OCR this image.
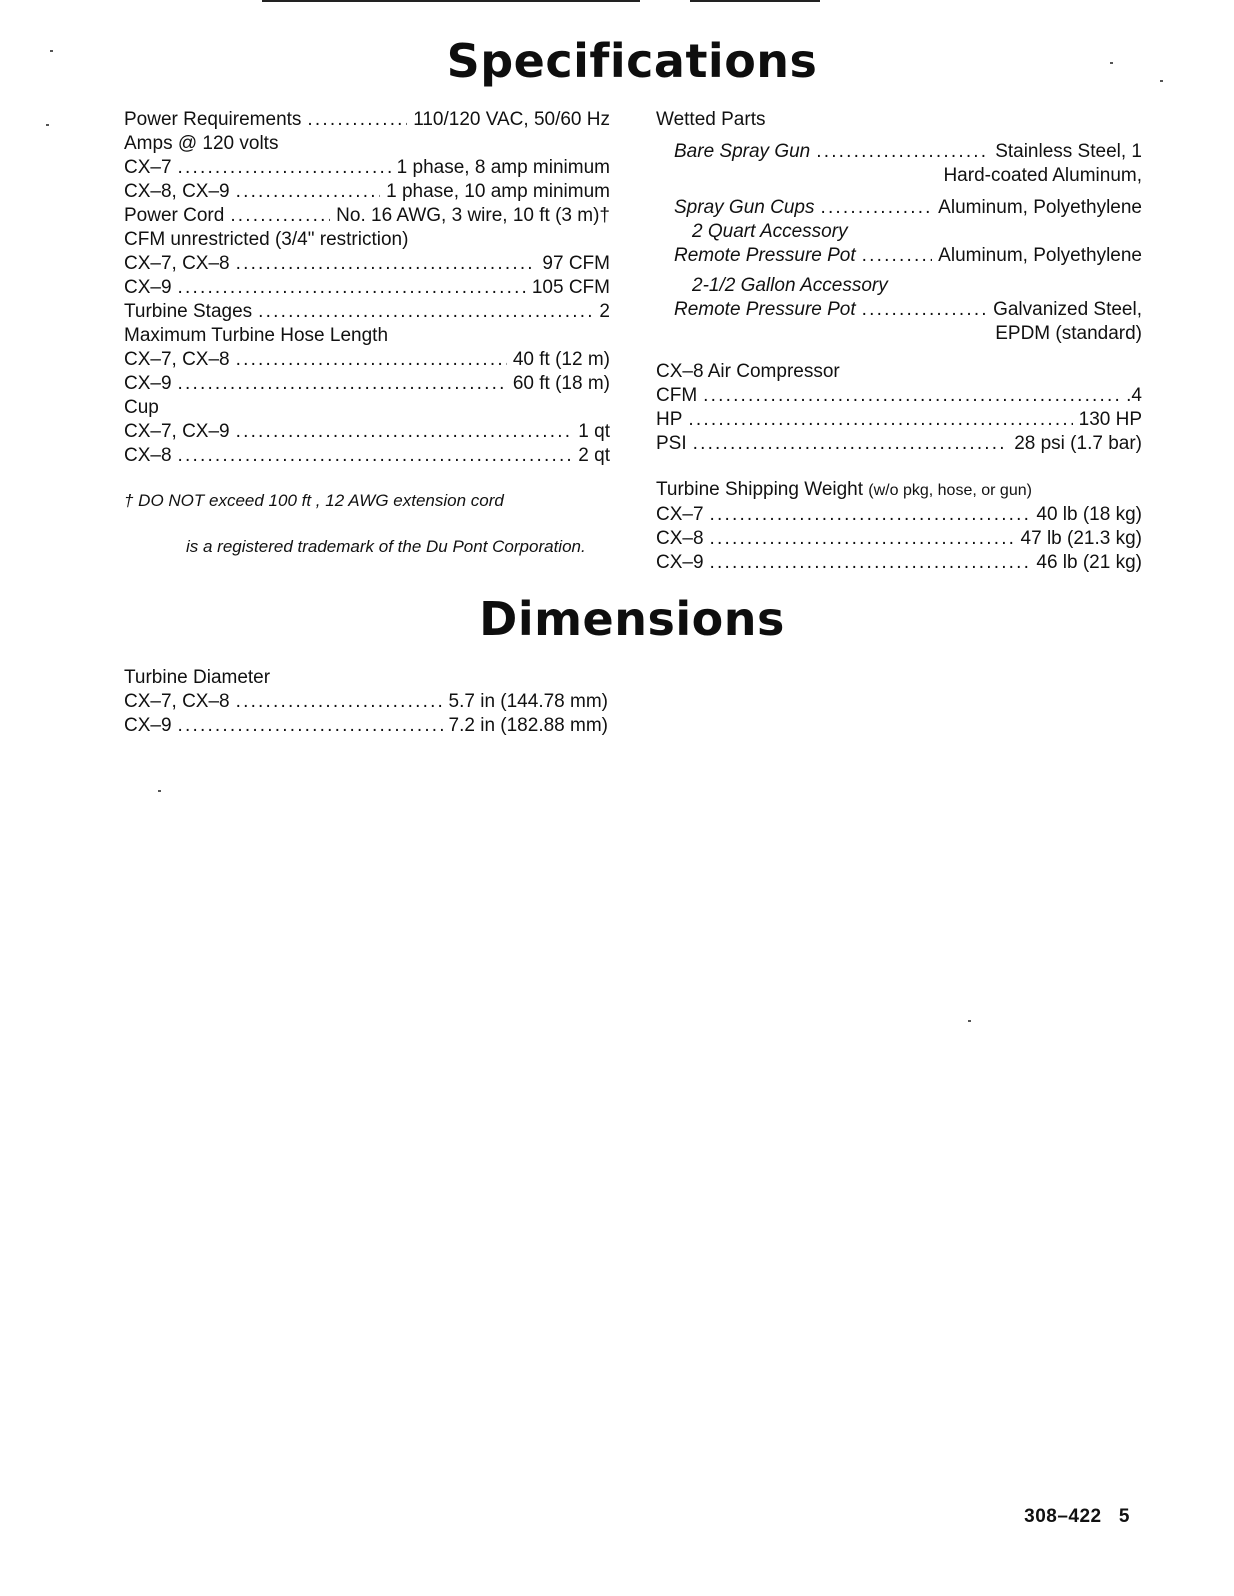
Specifications
Power Requirements .....	110/120 VAC, 50/60 Hz
Amps @ 120 volts
CX–7 .....	1 phase, 8 amp minimum
CX–8, CX–9 .....	1 phase, 10 amp minimum
Power Cord .....	No. 16 AWG, 3 wire, 10 ft (3 m)†
CFM unrestricted (3/4" restriction)
CX–7, CX–8 .....	97 CFM
CX–9 .....	105 CFM
Turbine Stages .....	2
Maximum Turbine Hose Length
CX–7, CX–8 .....	40 ft (12 m)
CX–9 .....	60 ft (18 m)
Cup
CX–7, CX–9 .....	1 qt
CX–8 .....	2 qt
† DO NOT exceed 100 ft , 12 AWG extension cord
is a registered trademark of the Du Pont Corporation.
Wetted Parts
Bare Spray Gun .....	Stainless Steel, 1
Hard-coated Aluminum,
Spray Gun Cups .....	Aluminum, Polyethylene
2 Quart Accessory
Remote Pressure Pot .....	Aluminum, Polyethylene
2-1/2 Gallon Accessory
Remote Pressure Pot .....	Galvanized Steel,
EPDM (standard)
CX–8 Air Compressor
CFM .....	.4
HP .....	130 HP
PSI .....	28 psi (1.7 bar)
Turbine Shipping Weight (w/o pkg, hose, or gun)
CX–7 .....	40 lb (18 kg)
CX–8 .....	47 lb (21.3 kg)
CX–9 .....	46 lb (21 kg)
Dimensions
Turbine Diameter
CX–7, CX–8 .....	5.7 in (144.78 mm)
CX–9 .....	7.2 in (182.88 mm)
308–422   5
